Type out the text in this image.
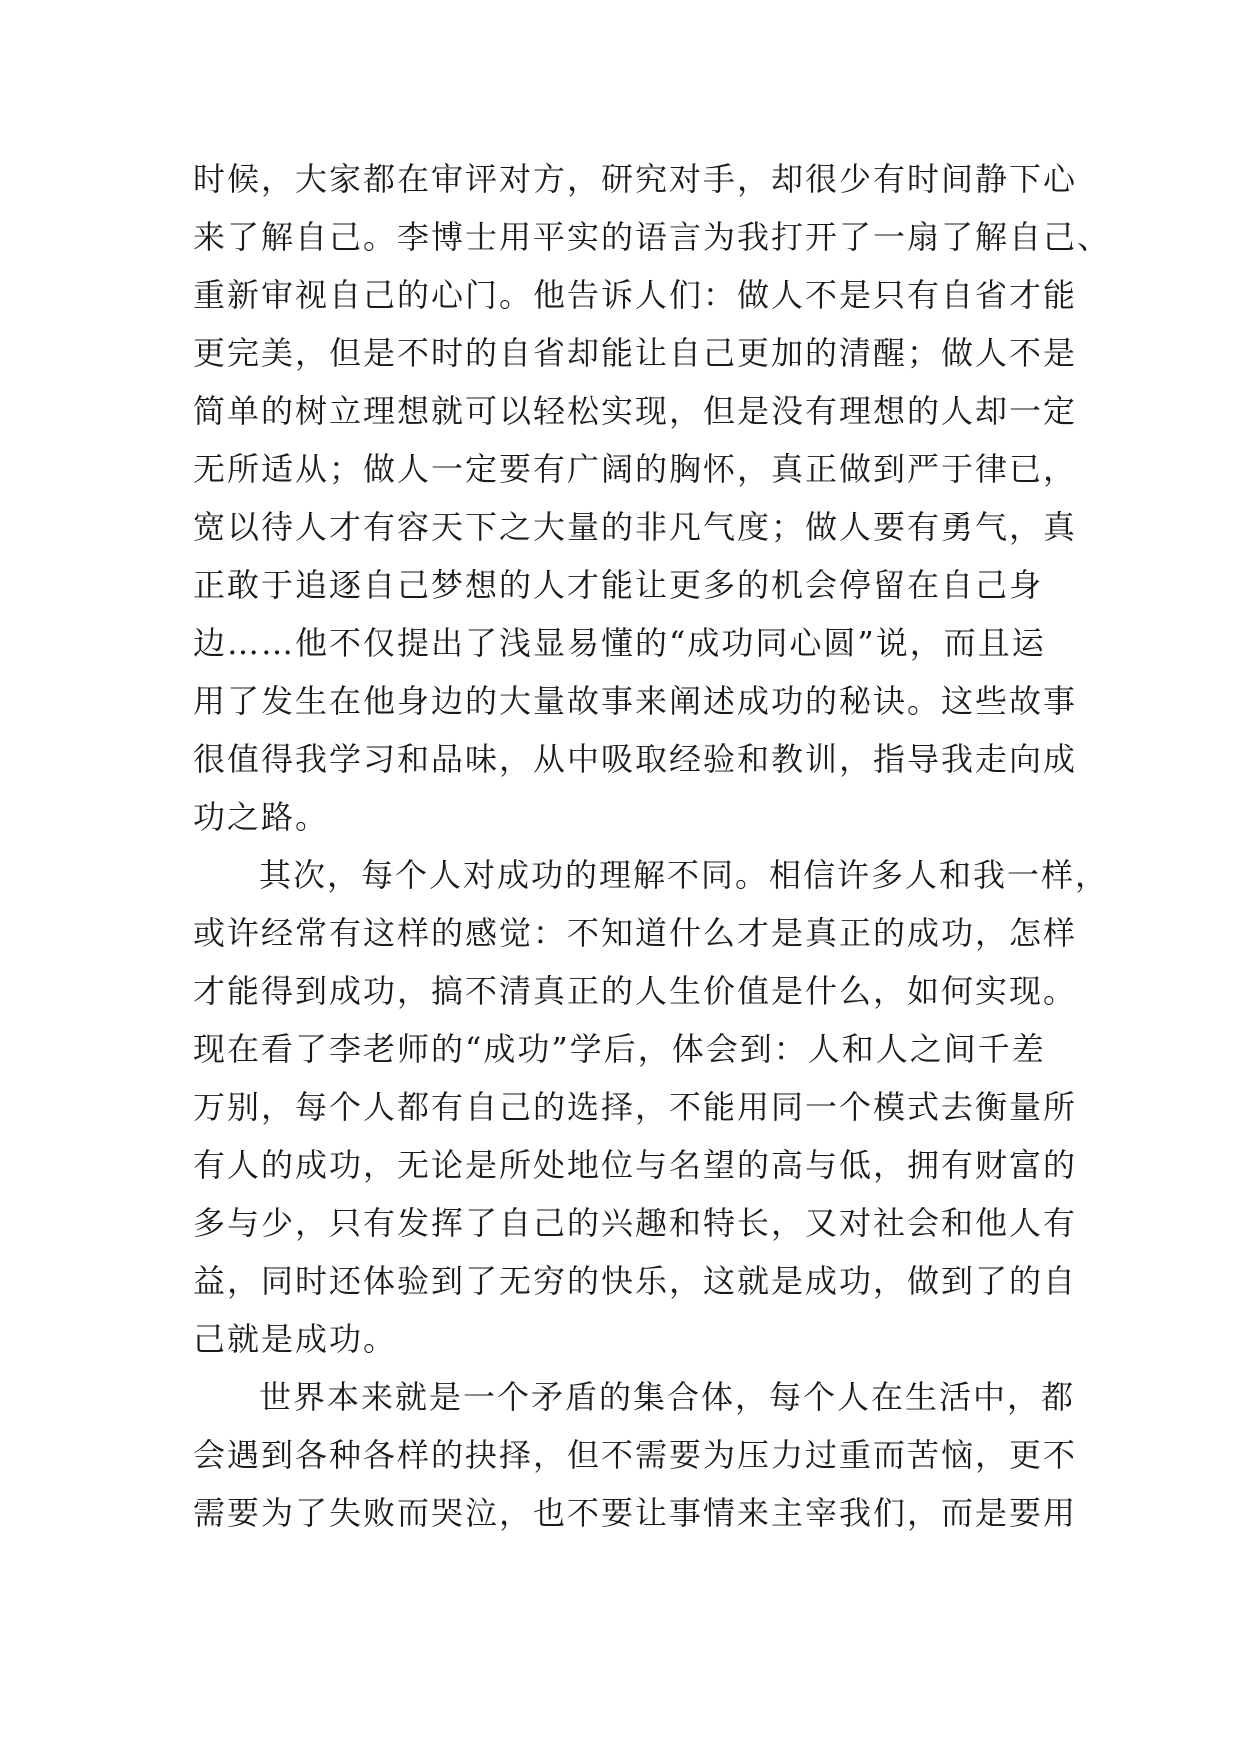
时候，大家都在审评对方，研究对手，却很少有时间静下心
来了解自己。李博士用平实的语言为我打开了一扇了解自己、
重新审视自己的心门。他告诉人们：做人不是只有自省才能
更完美，但是不时的自省却能让自己更加的清醒；做人不是
简单的树立理想就可以轻松实现，但是没有理想的人却一定
无所适从；做人一定要有广阔的胸怀，真正做到严于律已，
宽以待人才有容天下之大量的非凡气度；做人要有勇气，真
正敢于追逐自己梦想的人才能让更多的机会停留在自己身
边……他不仅提出了浅显易懂的“成功同心圆”说，而且运
用了发生在他身边的大量故事来阐述成功的秘诀。这些故事
很值得我学习和品味，从中吸取经验和教训，指导我走向成
功之路。
其次，每个人对成功的理解不同。相信许多人和我一样，
或许经常有这样的感觉：不知道什么才是真正的成功，怎样
才能得到成功，搞不清真正的人生价值是什么，如何实现。
现在看了李老师的“成功”学后，体会到：人和人之间千差
万别，每个人都有自己的选择，不能用同一个模式去衡量所
有人的成功，无论是所处地位与名望的高与低，拥有财富的
多与少，只有发挥了自己的兴趣和特长，又对社会和他人有
益，同时还体验到了无穷的快乐，这就是成功，做到了的自
己就是成功。
世界本来就是一个矛盾的集合体，每个人在生活中，都
会遇到各种各样的抉择，但不需要为压力过重而苦恼，更不
需要为了失败而哭泣，也不要让事情来主宰我们，而是要用
